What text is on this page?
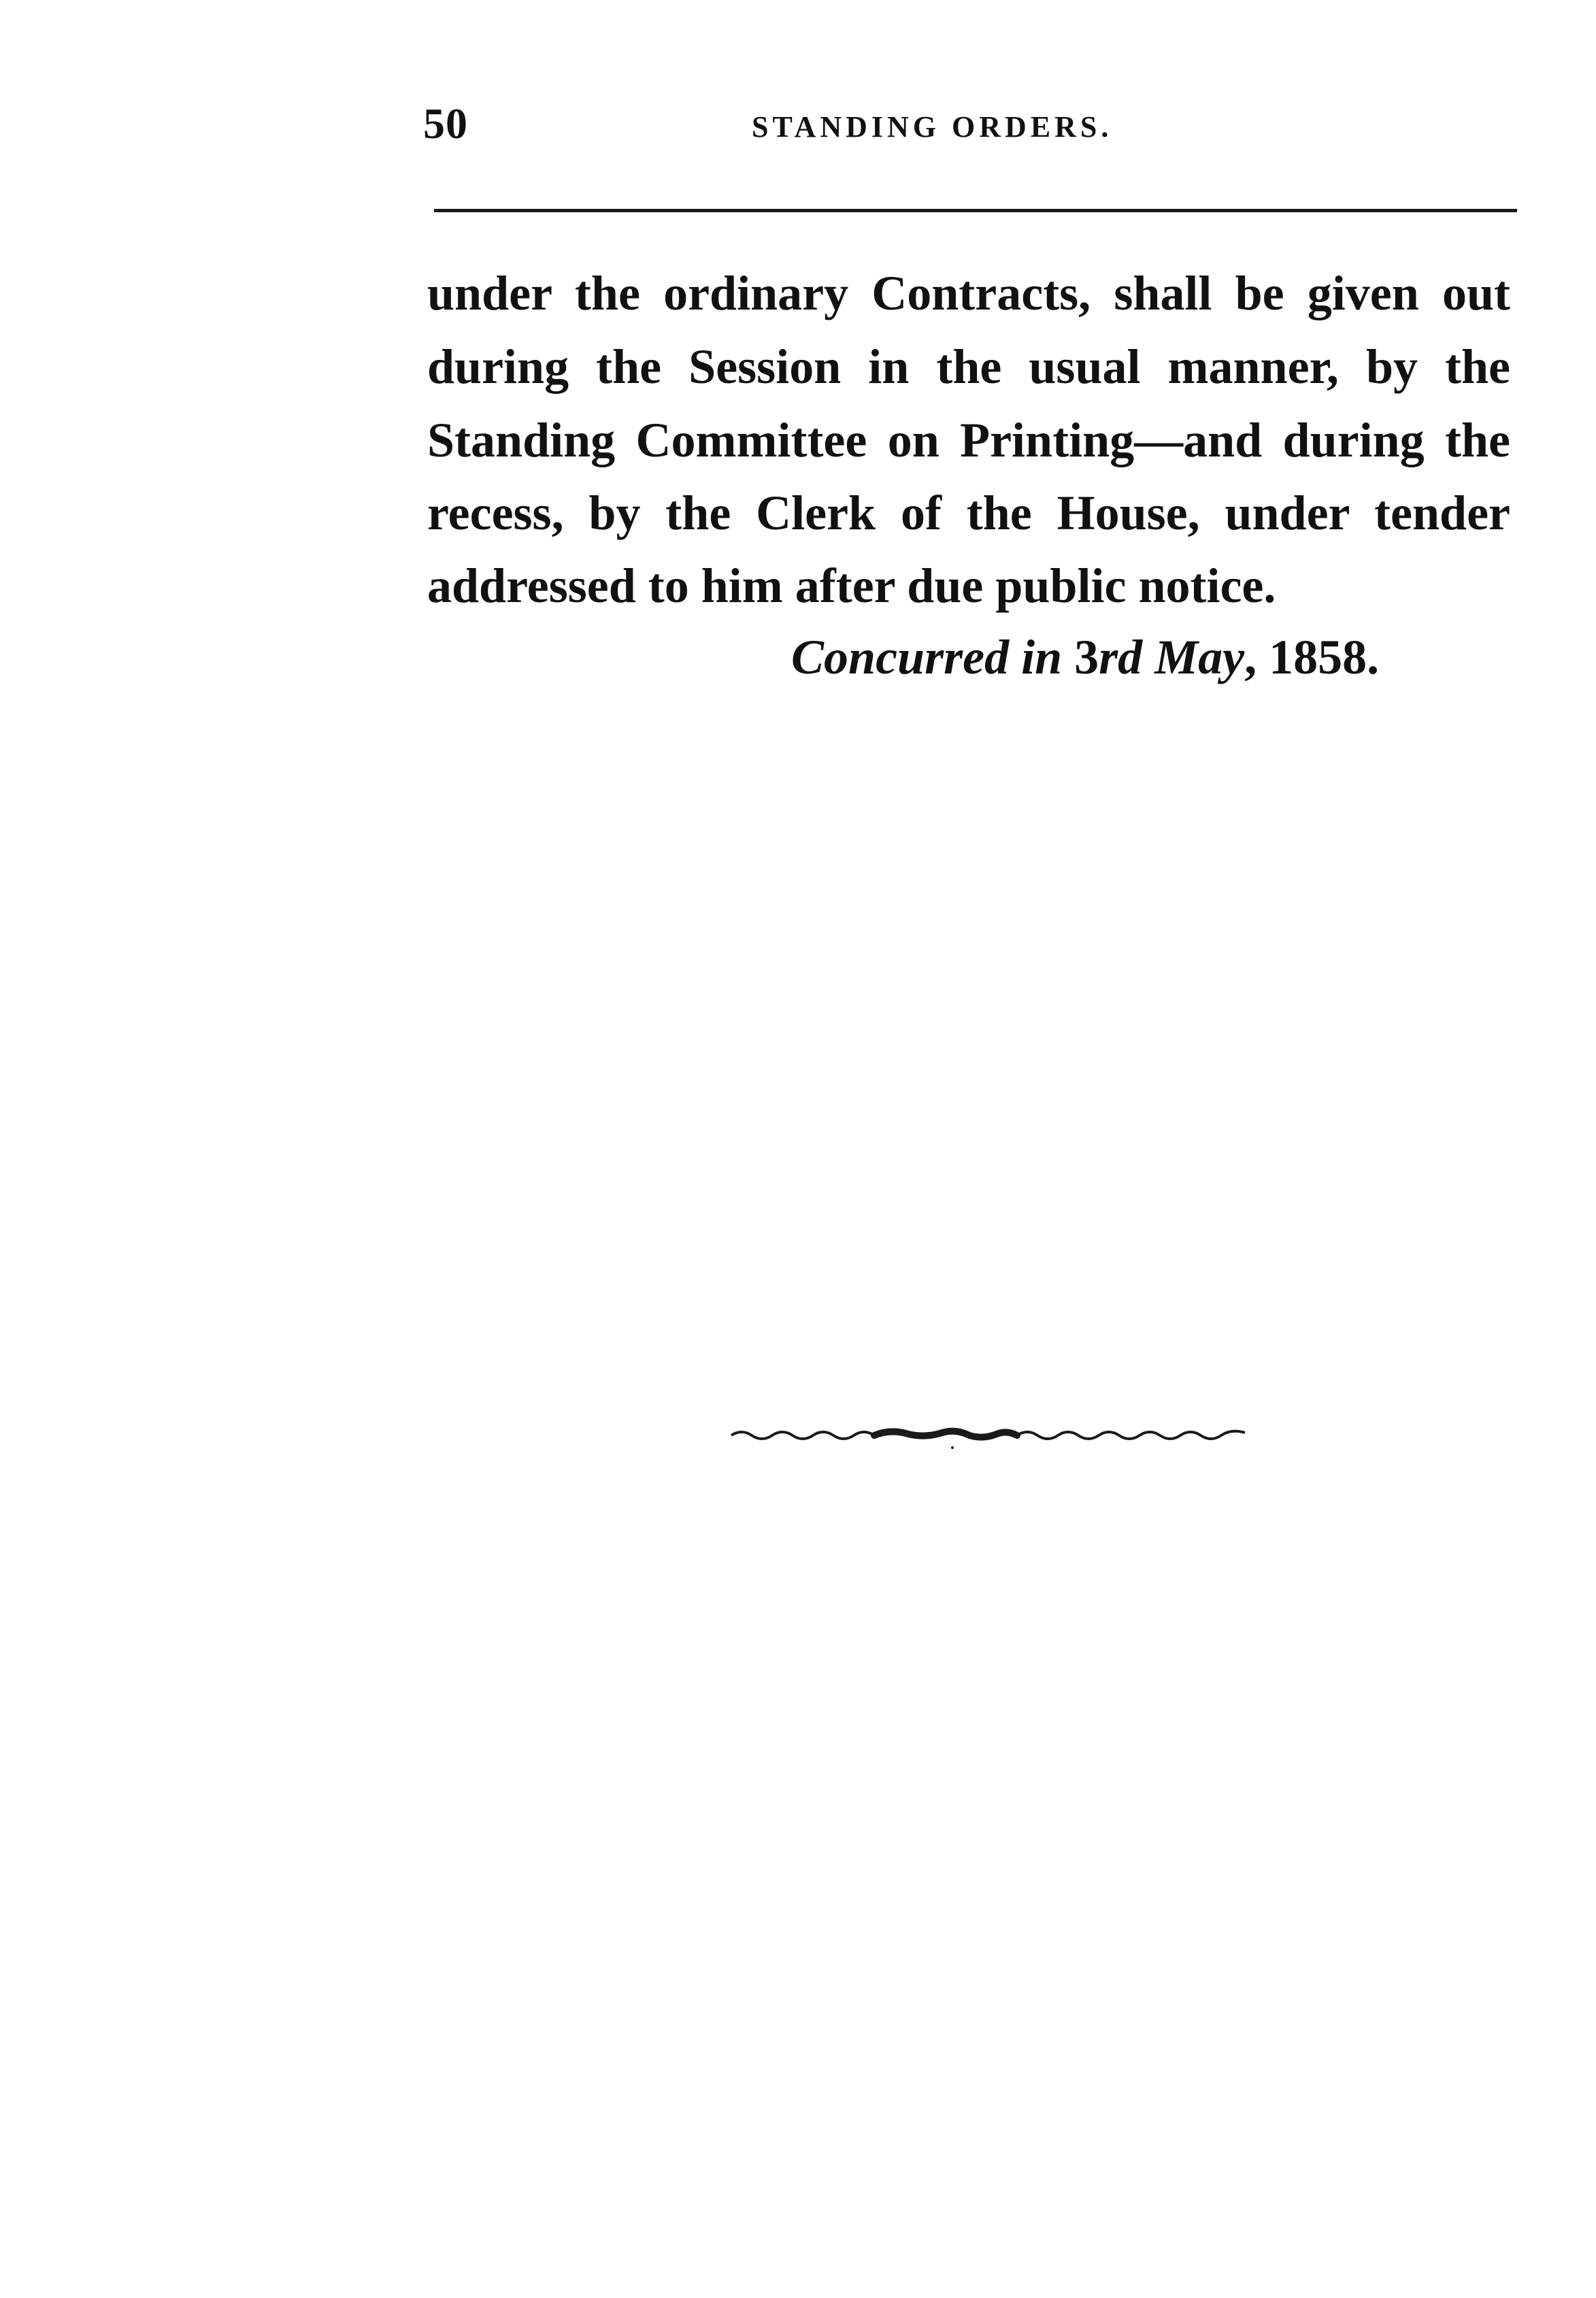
50	STANDING ORDERS.
under the ordinary Contracts, shall be given out
during the Session in the usual manner, by the
Standing Committee on Printing—and during the
recess, by the Clerk of the House, under tender
addressed to him after due public notice.
Concurred in 3rd May, 1858.
